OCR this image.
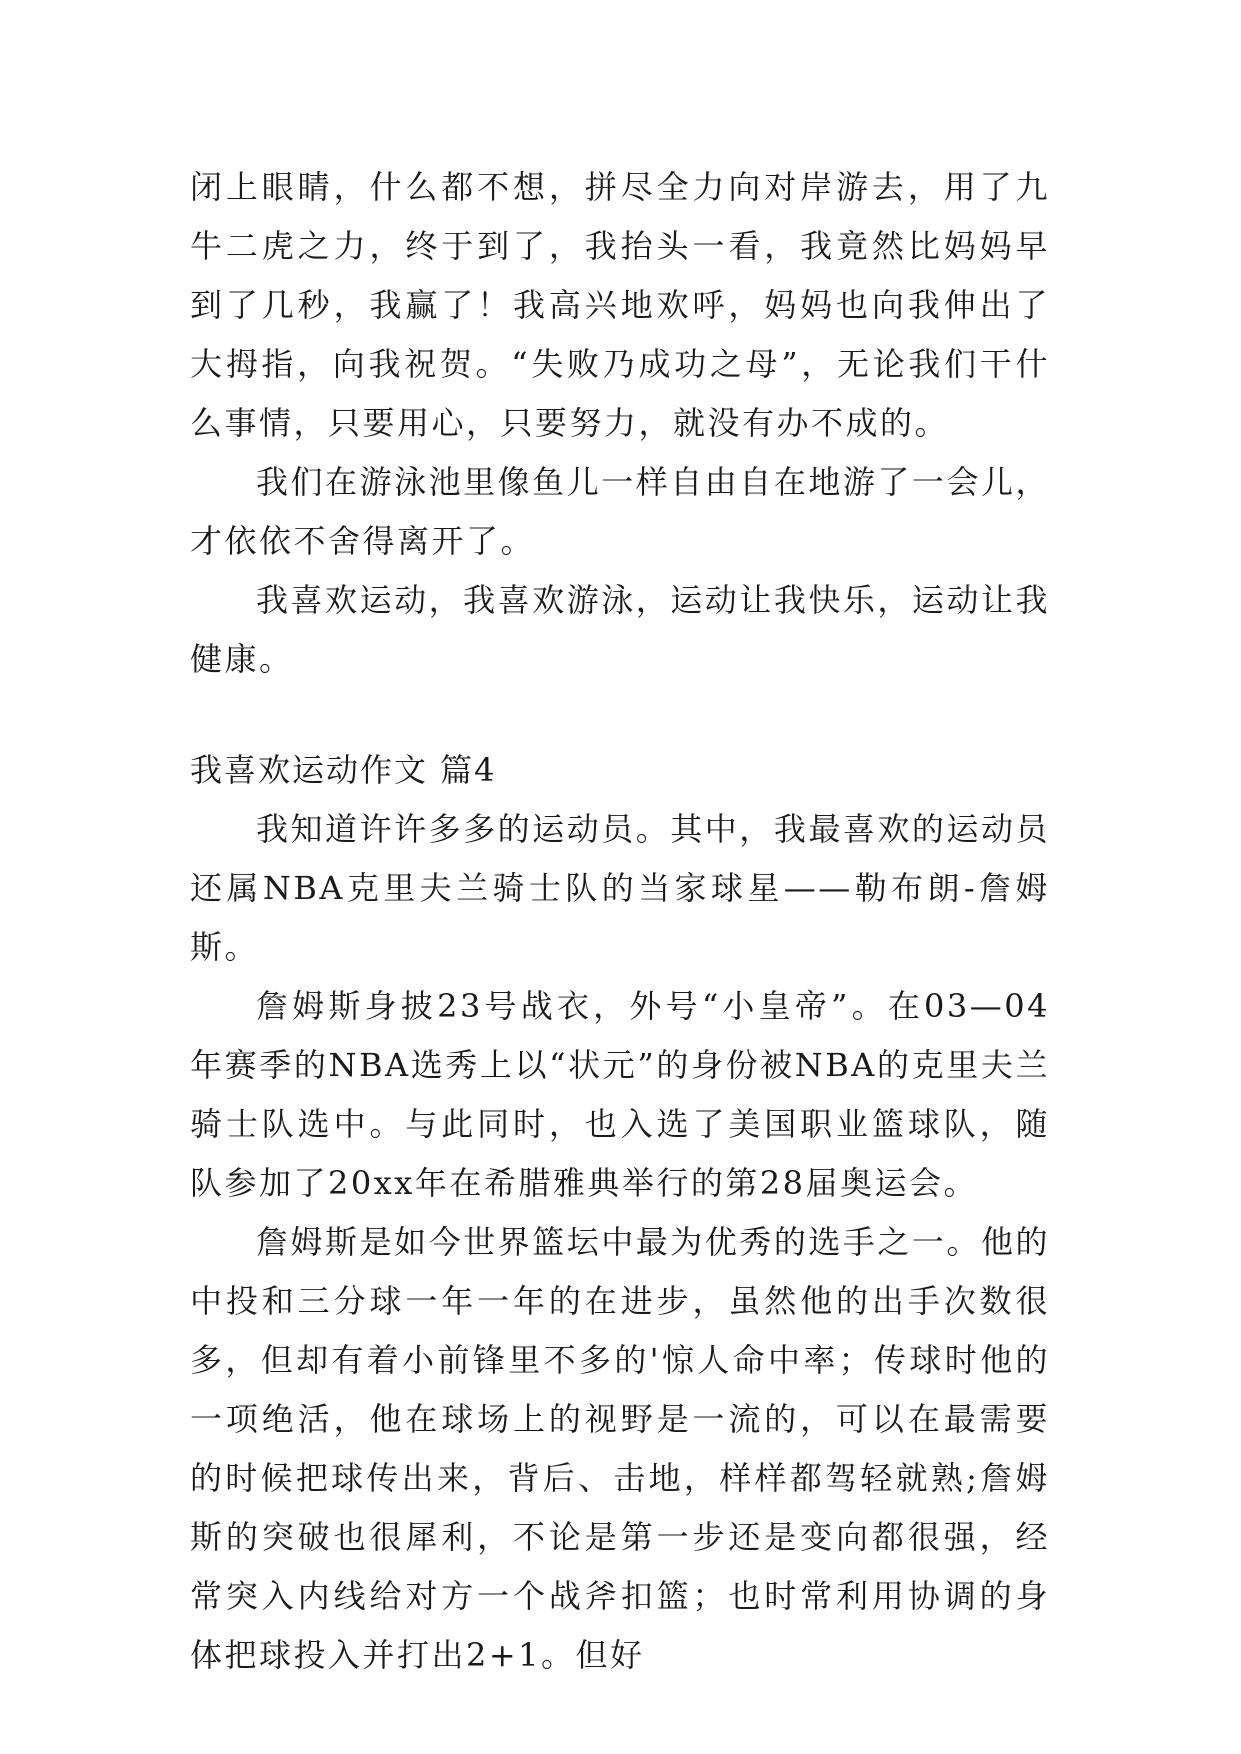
闭上眼睛，什么都不想，拼尽全力向对岸游去，用了九牛二虎之力，终于到了，我抬头一看，我竟然比妈妈早到了几秒，我赢了！我高兴地欢呼，妈妈也向我伸出了大拇指，向我祝贺。“失败乃成功之母”，无论我们干什么事情，只要用心，只要努力，就没有办不成的。

我们在游泳池里像鱼儿一样自由自在地游了一会儿，才依依不舍得离开了。

我喜欢运动，我喜欢游泳，运动让我快乐，运动让我健康。

我喜欢运动作文 篇4

我知道许许多多的运动员。其中，我最喜欢的运动员还属NBA克里夫兰骑士队的当家球星——勒布朗-詹姆斯。

詹姆斯身披23号战衣，外号“小皇帝”。在03—04年赛季的NBA选秀上以“状元”的身份被NBA的克里夫兰骑士队选中。与此同时，也入选了美国职业篮球队，随队参加了20xx年在希腊雅典举行的第28届奥运会。

詹姆斯是如今世界篮坛中最为优秀的选手之一。他的中投和三分球一年一年的在进步，虽然他的出手次数很多，但却有着小前锋里不多的'惊人命中率；传球时他的一项绝活，他在球场上的视野是一流的，可以在最需要的时候把球传出来，背后、击地，样样都驾轻就熟;詹姆斯的突破也很犀利，不论是第一步还是变向都很强，经常突入内线给对方一个战斧扣篮；也时常利用协调的身体把球投入并打出2+1。但好
